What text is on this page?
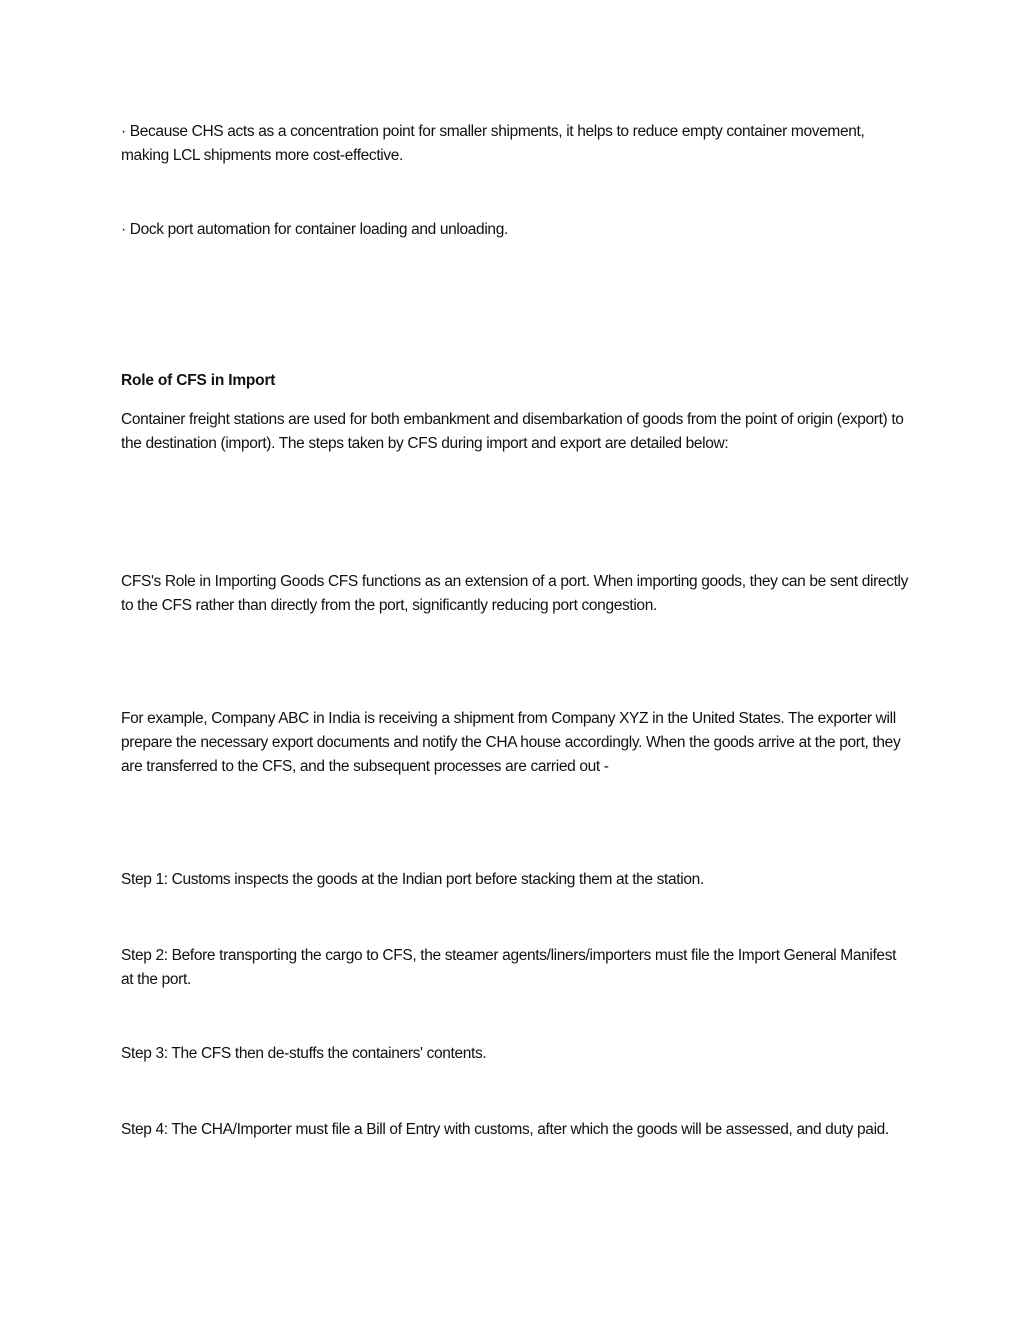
· Because CHS acts as a concentration point for smaller shipments, it helps to reduce empty container movement, making LCL shipments more cost-effective.

· Dock port automation for container loading and unloading.

Role of CFS in Import

Container freight stations are used for both embankment and disembarkation of goods from the point of origin (export) to the destination (import). The steps taken by CFS during import and export are detailed below:

CFS's Role in Importing Goods CFS functions as an extension of a port. When importing goods, they can be sent directly to the CFS rather than directly from the port, significantly reducing port congestion.

For example, Company ABC in India is receiving a shipment from Company XYZ in the United States. The exporter will prepare the necessary export documents and notify the CHA house accordingly. When the goods arrive at the port, they are transferred to the CFS, and the subsequent processes are carried out -

Step 1: Customs inspects the goods at the Indian port before stacking them at the station.

Step 2: Before transporting the cargo to CFS, the steamer agents/liners/importers must file the Import General Manifest at the port.

Step 3: The CFS then de-stuffs the containers' contents.

Step 4: The CHA/Importer must file a Bill of Entry with customs, after which the goods will be assessed, and duty paid.
